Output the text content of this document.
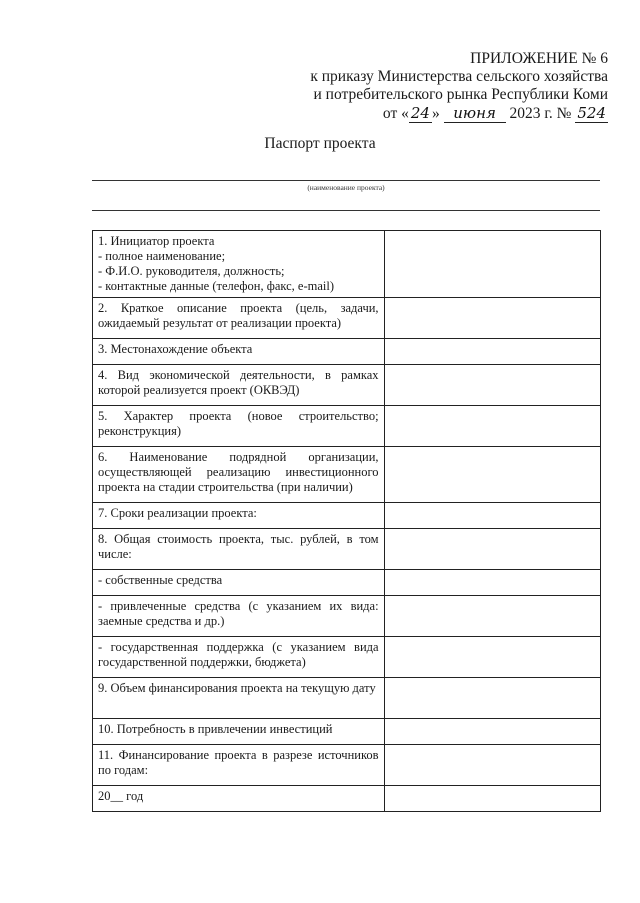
ПРИЛОЖЕНИЕ № 6
к приказу Министерства сельского хозяйства
и потребительского рынка Республики Коми
от « 24 » июня 2023 г. № 524
Паспорт проекта
(наименование проекта)
1. Инициатор проекта
- полное наименование;
- Ф.И.О. руководителя, должность;
- контактные данные (телефон, факс, e-mail)	

2. Краткое описание проекта (цель, задачи, ожидаемый результат от реализации проекта)	

3. Местонахождение объекта	

4. Вид экономической деятельности, в рамках которой реализуется проект (ОКВЭД)	

5. Характер проекта (новое строительство; реконструкция)	

6. Наименование подрядной организации, осуществляющей реализацию инвестиционного проекта на стадии строительства (при наличии)	

7. Сроки реализации проекта:	

8. Общая стоимость проекта, тыс. рублей, в том числе:	

- собственные средства	

- привлеченные средства (с указанием их вида: заемные средства и др.)	

- государственная поддержка (с указанием вида государственной поддержки, бюджета)	

9. Объем финансирования проекта на текущую дату	

10. Потребность в привлечении инвестиций	

11. Финансирование проекта в разрезе источников по годам:	

20__ год	
